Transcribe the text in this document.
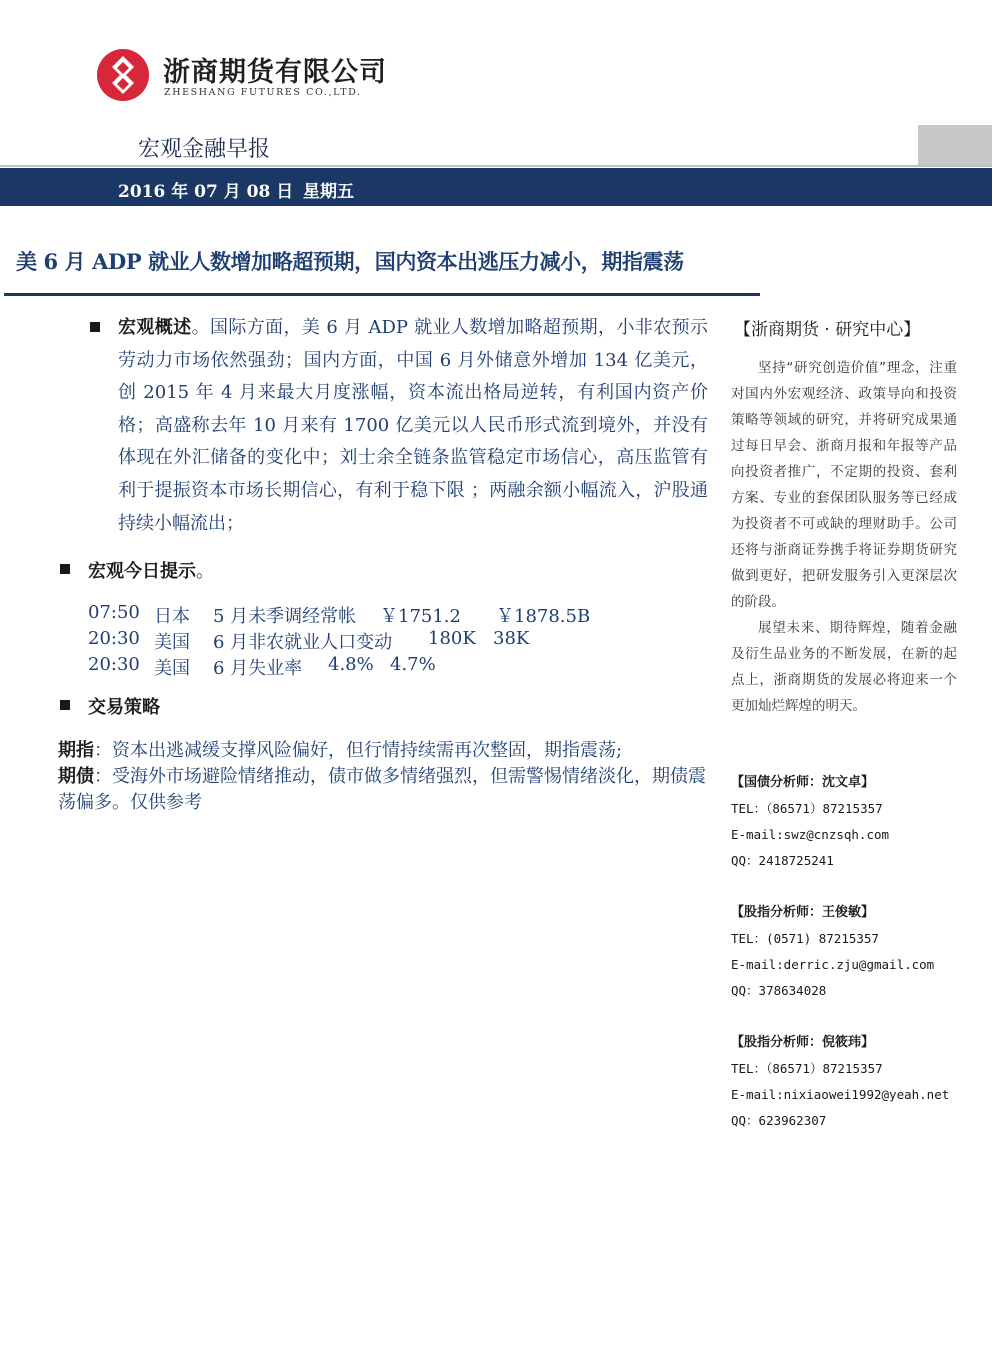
浙商期货有限公司
ZHESHANG FUTURES CO.,LTD.
宏观金融早报
2016 年 07 月 08 日 星期五
美 6 月 ADP 就业人数增加略超预期，国内资本出逃压力减小，期指震荡
宏观概述。国际方面，美 6 月 ADP 就业人数增加略超预期，小非农预示劳动力市场依然强劲；国内方面，中国 6 月外储意外增加 134 亿美元，创 2015 年 4 月来最大月度涨幅，资本流出格局逆转，有利国内资产价格；高盛称去年 10 月来有 1700 亿美元以人民币形式流到境外，并没有体现在外汇储备的变化中；刘士余全链条监管稳定市场信心，高压监管有利于提振资本市场长期信心，有利于稳下限 ；两融余额小幅流入，沪股通持续小幅流出；
宏观今日提示。
07:50 日本 5 月未季调经常帐 ￥1751.2 ￥1878.5B
20:30 美国 6 月非农就业人口变动 180K 38K
20:30 美国 6 月失业率 4.8% 4.7%
交易策略
期指：资本出逃减缓支撑风险偏好，但行情持续需再次整固，期指震荡;
期债：受海外市场避险情绪推动，债市做多情绪强烈，但需警惕情绪淡化，期债震荡偏多。仅供参考
【浙商期货 · 研究中心】

坚持“研究创造价值”理念，注重对国内外宏观经济、政策导向和投资策略等领域的研究，并将研究成果通过每日早会、浙商月报和年报等产品向投资者推广，不定期的投资、套利方案、专业的套保团队服务等已经成为投资者不可或缺的理财助手。公司还将与浙商证券携手将证券期货研究做到更好，把研发服务引入更深层次的阶段。

展望未来、期待辉煌，随着金融及衍生品业务的不断发展，在新的起点上，浙商期货的发展必将迎来一个更加灿烂辉煌的明天。

【国债分析师：沈文卓】
TEL：（86571）87215357
E-mail:swz@cnzsqh.com
QQ：2418725241
【股指分析师：王俊敏】
TEL：(0571) 87215357
E-mail:derric.zju@gmail.com
QQ：378634028
【股指分析师：倪筱玮】
TEL：（86571）87215357
E-mail:nixiaowei1992@yeah.net
QQ：623962307
